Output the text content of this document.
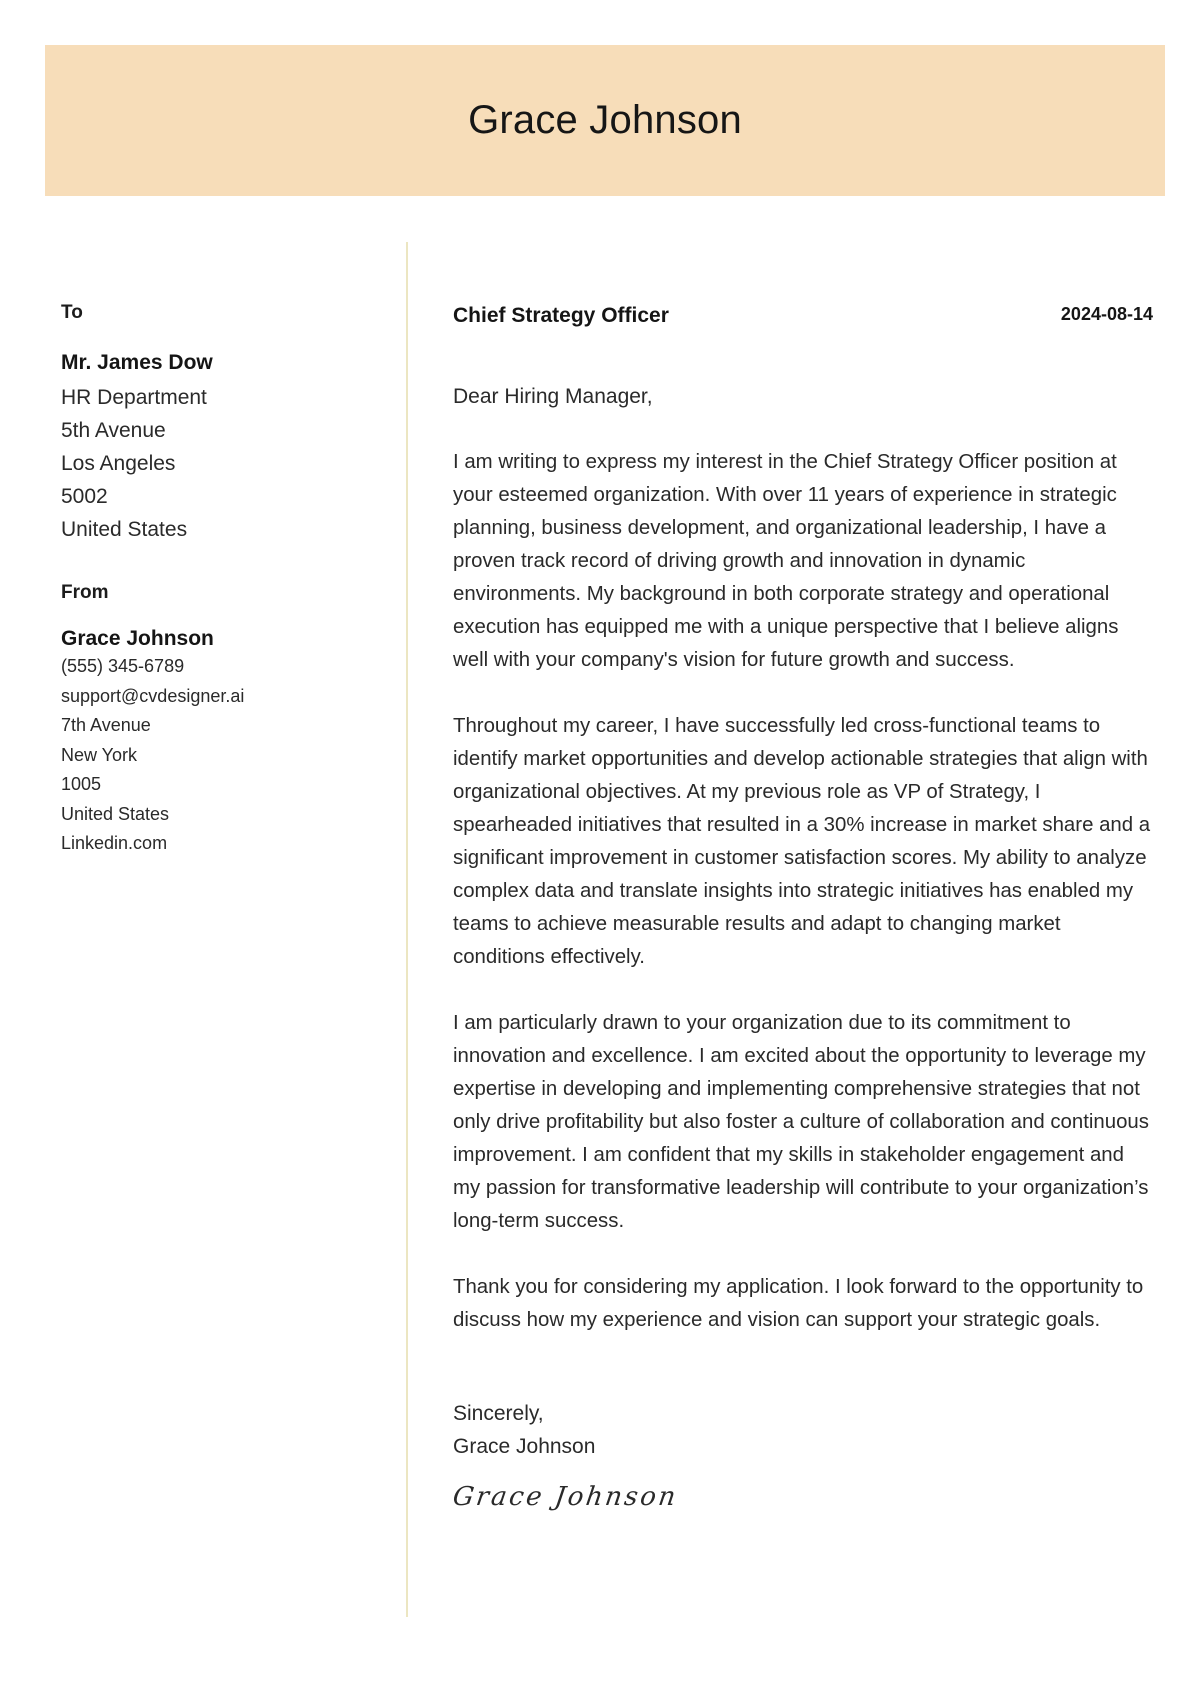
Grace Johnson

To

Mr. James Dow

HR Department
5th Avenue
Los Angeles
5002
United States

From

Grace Johnson

(555) 345-6789
support@cvdesigner.ai
7th Avenue
New York
1005
United States
Linkedin.com

Chief Strategy Officer	2024-08-14

Dear Hiring Manager,

I am writing to express my interest in the Chief Strategy Officer position at your esteemed organization. With over 11 years of experience in strategic planning, business development, and organizational leadership, I have a proven track record of driving growth and innovation in dynamic environments. My background in both corporate strategy and operational execution has equipped me with a unique perspective that I believe aligns well with your company's vision for future growth and success.

Throughout my career, I have successfully led cross-functional teams to identify market opportunities and develop actionable strategies that align with organizational objectives. At my previous role as VP of Strategy, I spearheaded initiatives that resulted in a 30% increase in market share and a significant improvement in customer satisfaction scores. My ability to analyze complex data and translate insights into strategic initiatives has enabled my teams to achieve measurable results and adapt to changing market conditions effectively.

I am particularly drawn to your organization due to its commitment to innovation and excellence. I am excited about the opportunity to leverage my expertise in developing and implementing comprehensive strategies that not only drive profitability but also foster a culture of collaboration and continuous improvement. I am confident that my skills in stakeholder engagement and my passion for transformative leadership will contribute to your organization’s long-term success.

Thank you for considering my application. I look forward to the opportunity to discuss how my experience and vision can support your strategic goals.

Sincerely,

Grace Johnson

Grace Johnson
